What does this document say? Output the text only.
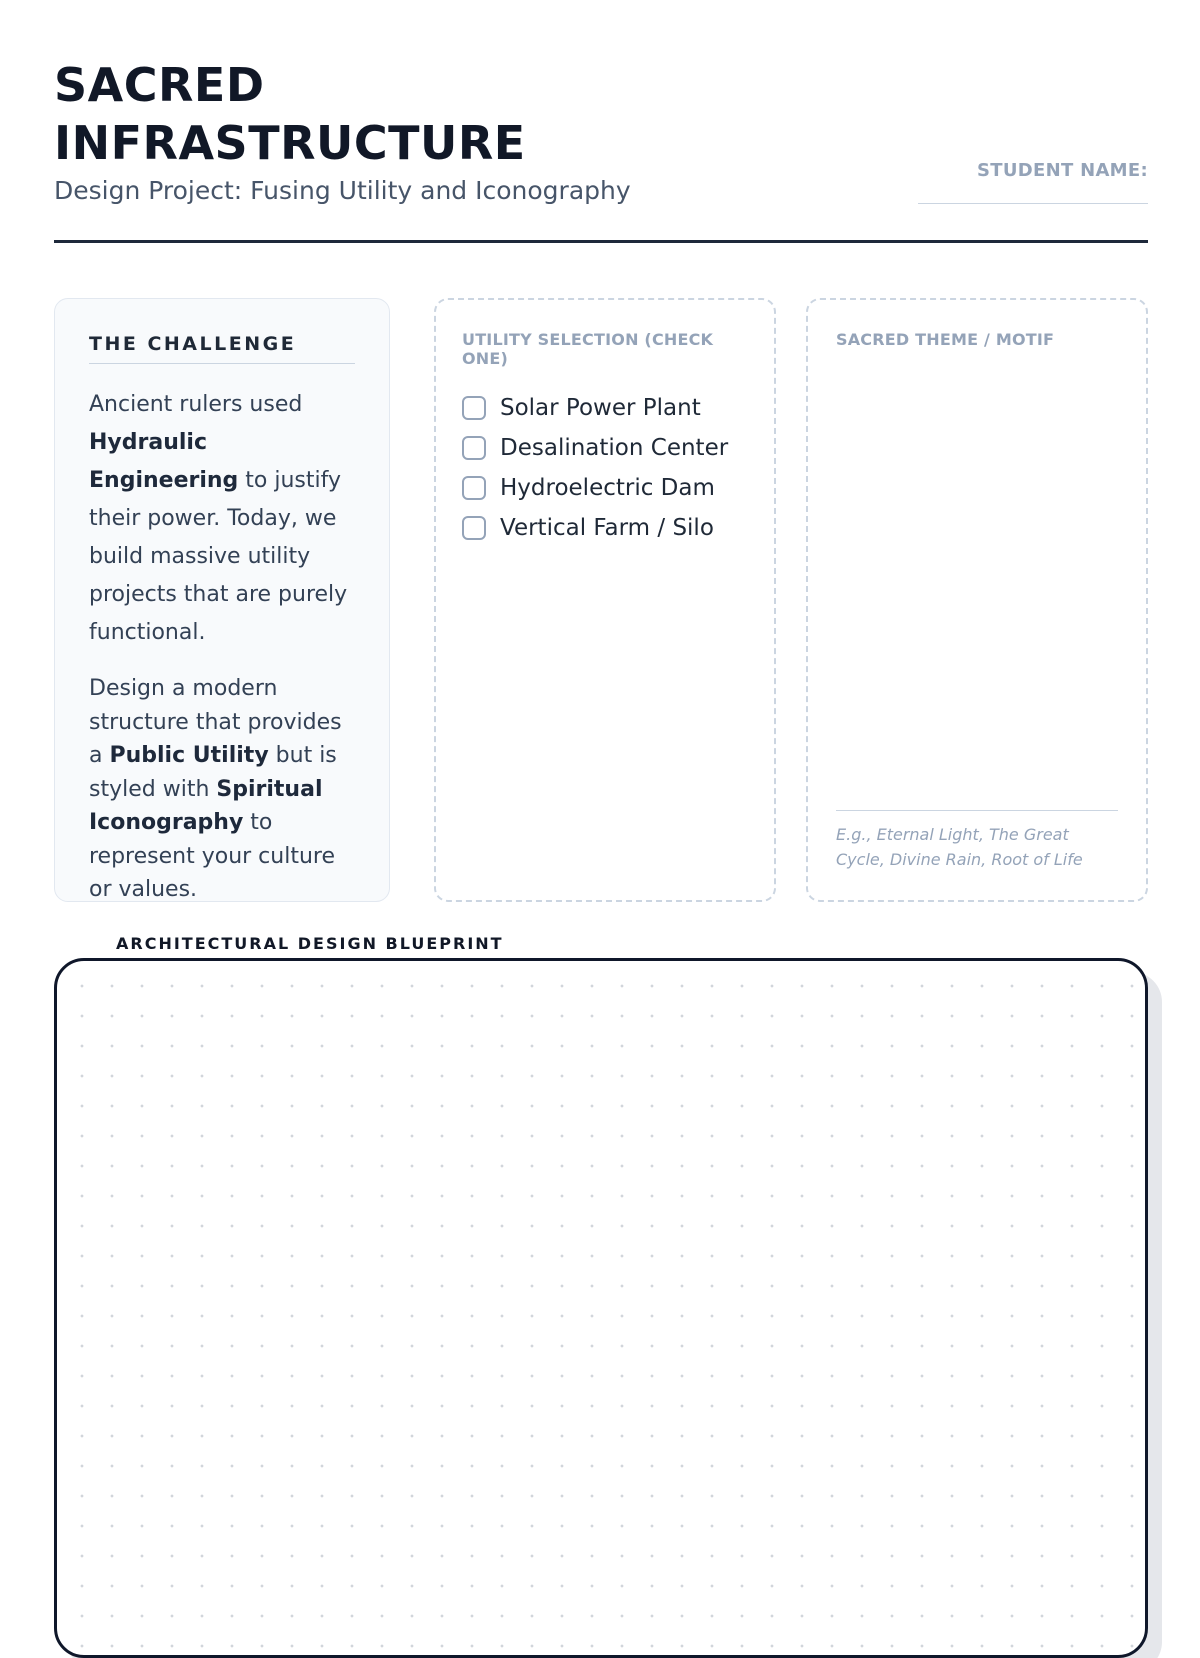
SACRED
INFRASTRUCTURE
Design Project: Fusing Utility and Iconography
STUDENT NAME:
THE CHALLENGE

Ancient rulers used Hydraulic Engineering to justify their power. Today, we build massive utility projects that are purely functional.

Design a modern structure that provides a Public Utility but is styled with Spiritual Iconography to represent your culture or values.

UTILITY SELECTION (CHECK ONE)
Solar Power Plant
Desalination Center
Hydroelectric Dam
Vertical Farm / Silo
SACRED THEME / MOTIF
E.g., Eternal Light, The Great Cycle, Divine Rain, Root of Life
ARCHITECTURAL DESIGN BLUEPRINT
